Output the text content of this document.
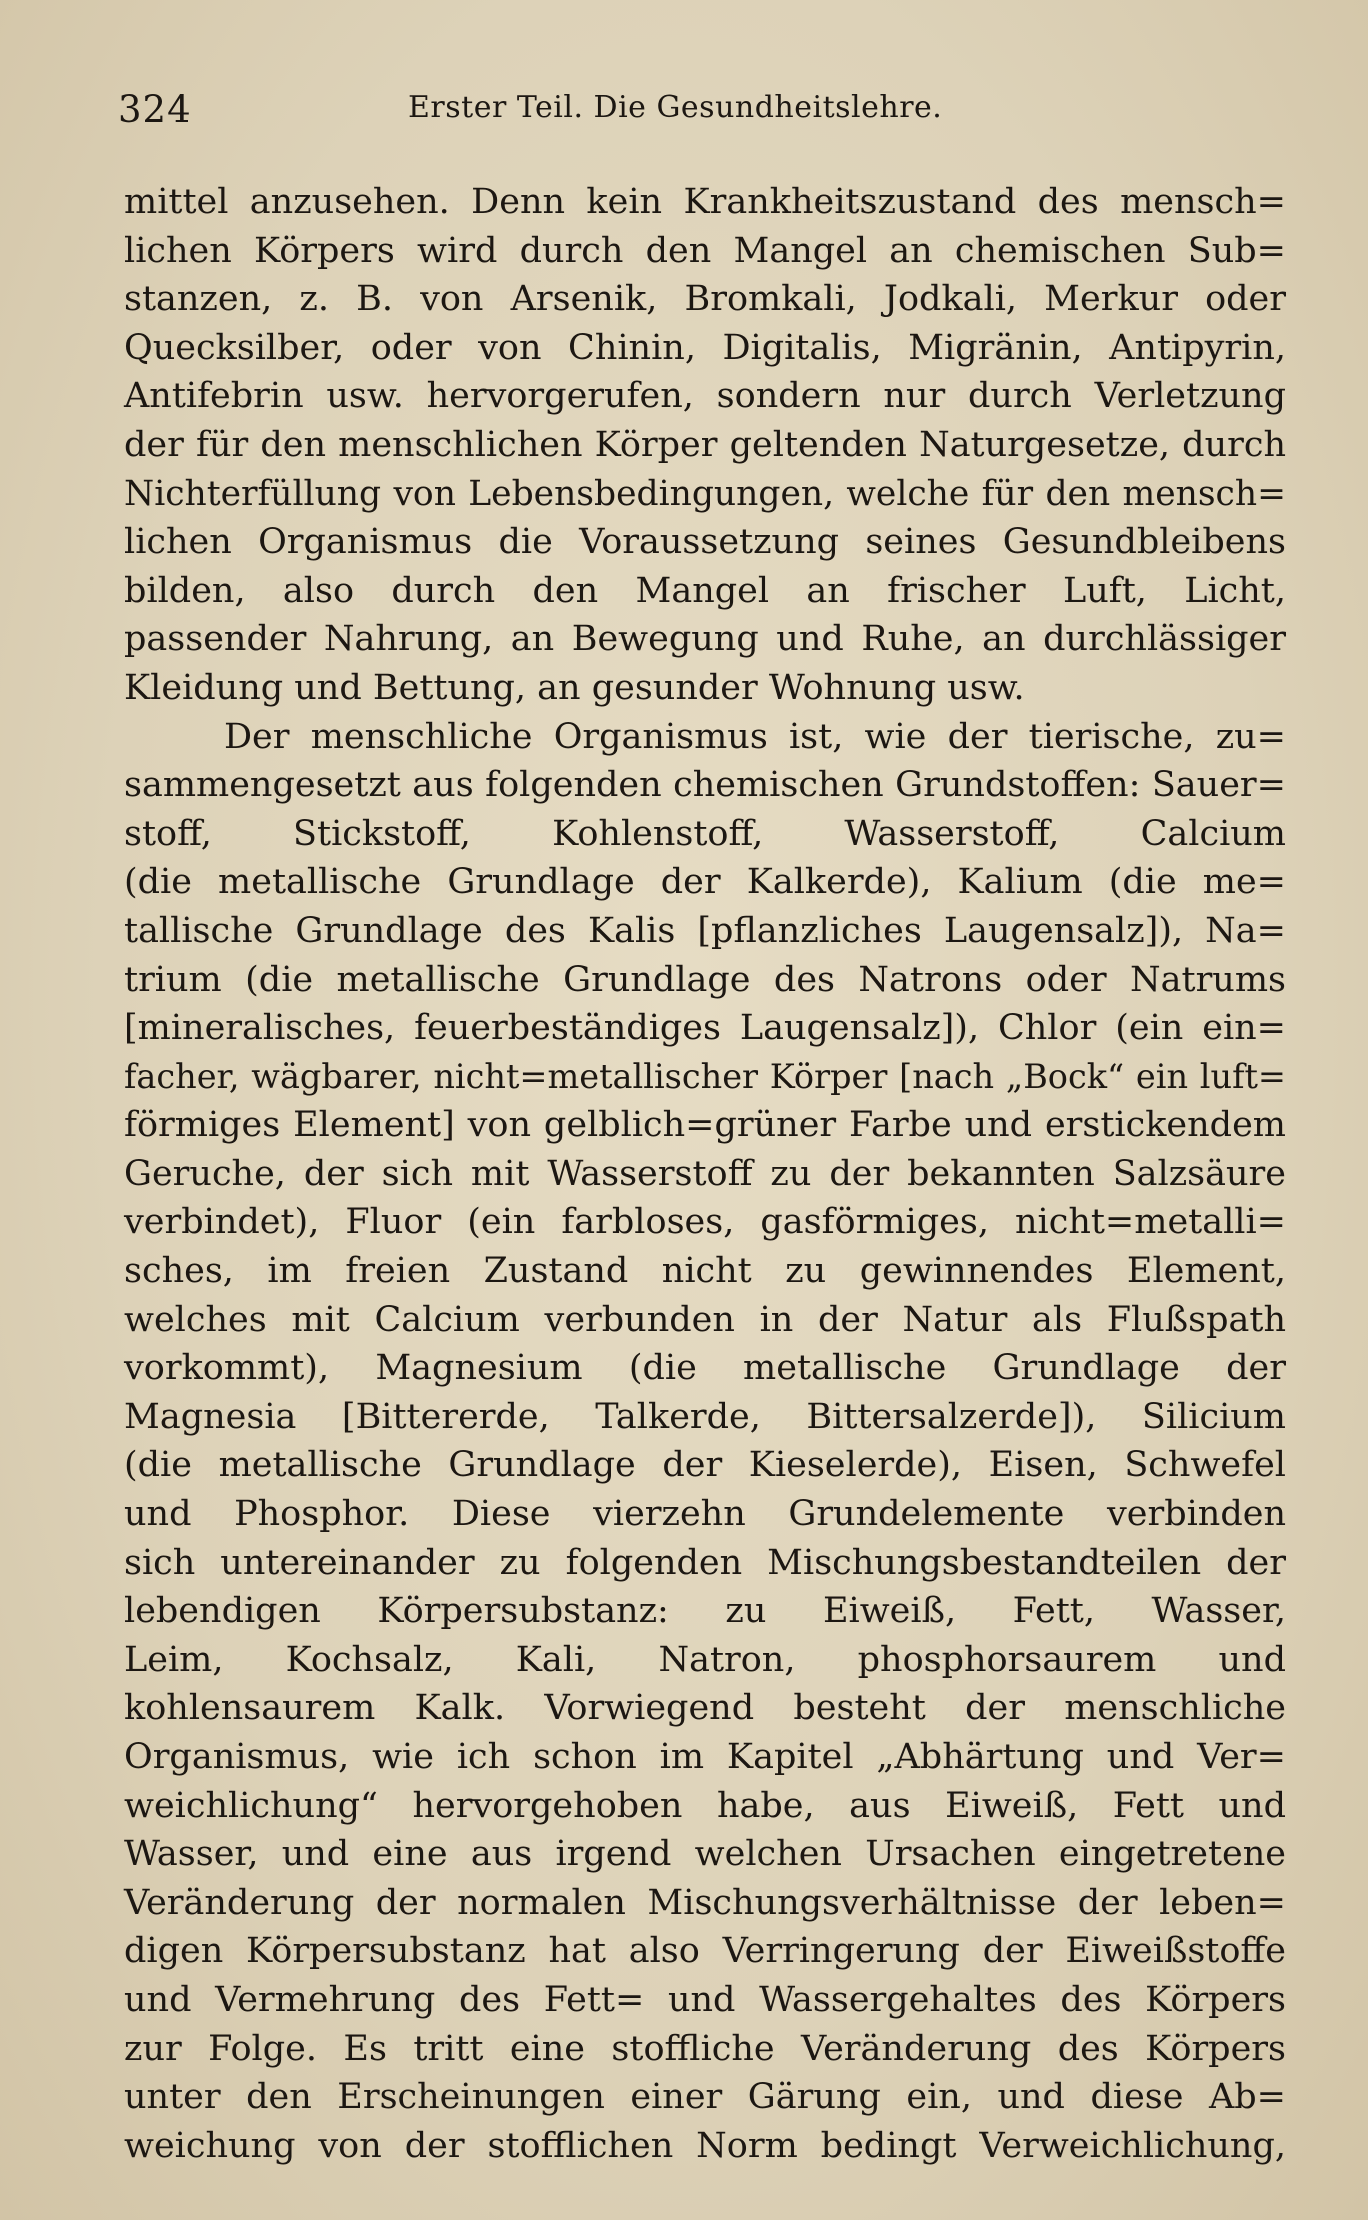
324	Erster Teil. Die Gesundheitslehre.
mittel anzusehen. Denn kein Krankheitszustand des mensch=
lichen Körpers wird durch den Mangel an chemischen Sub=
stanzen, z. B. von Arsenik, Bromkali, Jodkali, Merkur oder
Quecksilber, oder von Chinin, Digitalis, Migränin, Antipyrin,
Antifebrin usw. hervorgerufen, sondern nur durch Verletzung
der für den menschlichen Körper geltenden Naturgesetze, durch
Nichterfüllung von Lebensbedingungen, welche für den mensch=
lichen Organismus die Voraussetzung seines Gesundbleibens
bilden, also durch den Mangel an frischer Luft, Licht,
passender Nahrung, an Bewegung und Ruhe, an durchlässiger
Kleidung und Bettung, an gesunder Wohnung usw.
Der menschliche Organismus ist, wie der tierische, zu=
sammengesetzt aus folgenden chemischen Grundstoffen: Sauer=
stoff, Stickstoff, Kohlenstoff, Wasserstoff, Calcium
(die metallische Grundlage der Kalkerde), Kalium (die me=
tallische Grundlage des Kalis [pflanzliches Laugensalz]), Na=
trium (die metallische Grundlage des Natrons oder Natrums
[mineralisches, feuerbeständiges Laugensalz]), Chlor (ein ein=
facher, wägbarer, nicht=metallischer Körper [nach „Bock“ ein luft=
förmiges Element] von gelblich=grüner Farbe und erstickendem
Geruche, der sich mit Wasserstoff zu der bekannten Salzsäure
verbindet), Fluor (ein farbloses, gasförmiges, nicht=metalli=
sches, im freien Zustand nicht zu gewinnendes Element,
welches mit Calcium verbunden in der Natur als Flußspath
vorkommt), Magnesium (die metallische Grundlage der
Magnesia [Bittererde, Talkerde, Bittersalzerde]), Silicium
(die metallische Grundlage der Kieselerde), Eisen, Schwefel
und Phosphor. Diese vierzehn Grundelemente verbinden
sich untereinander zu folgenden Mischungsbestandteilen der
lebendigen Körpersubstanz: zu Eiweiß, Fett, Wasser,
Leim, Kochsalz, Kali, Natron, phosphorsaurem und
kohlensaurem Kalk. Vorwiegend besteht der menschliche
Organismus, wie ich schon im Kapitel „Abhärtung und Ver=
weichlichung“ hervorgehoben habe, aus Eiweiß, Fett und
Wasser, und eine aus irgend welchen Ursachen eingetretene
Veränderung der normalen Mischungsverhältnisse der leben=
digen Körpersubstanz hat also Verringerung der Eiweißstoffe
und Vermehrung des Fett= und Wassergehaltes des Körpers
zur Folge. Es tritt eine stoffliche Veränderung des Körpers
unter den Erscheinungen einer Gärung ein, und diese Ab=
weichung von der stofflichen Norm bedingt Verweichlichung,
